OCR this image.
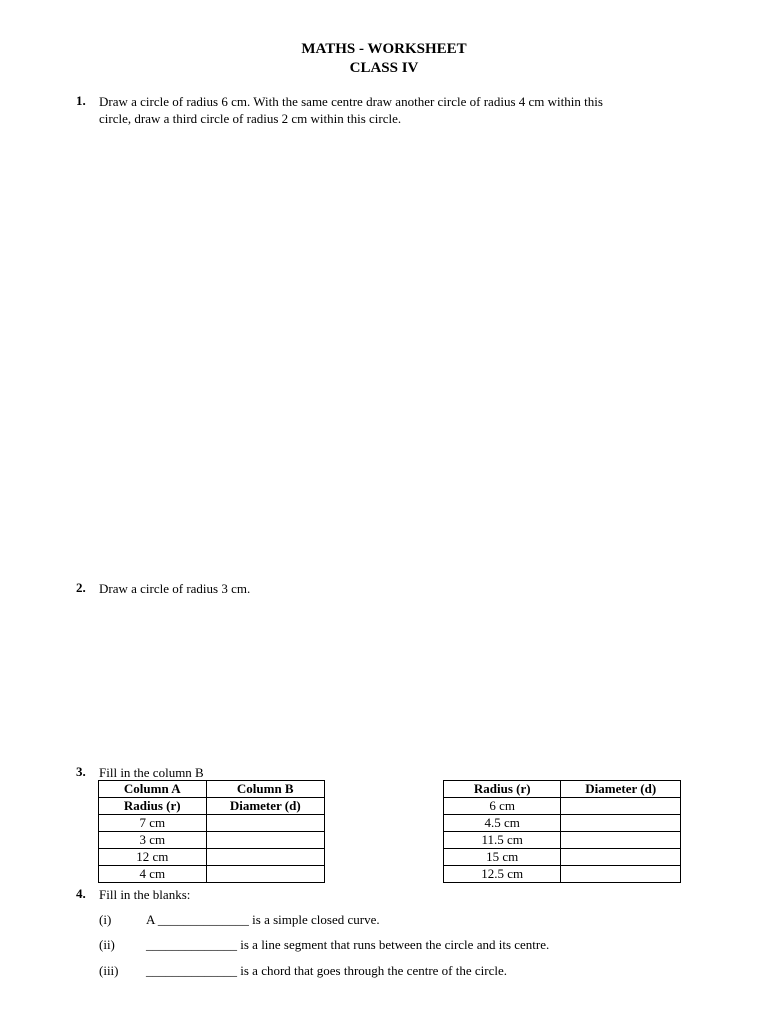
MATHS - WORKSHEET
CLASS IV
1. Draw a circle of radius 6 cm. With the same centre draw another circle of radius 4 cm within this
circle, draw a third circle of radius 2 cm within this circle.
2. Draw a circle of radius 3 cm.
3. Fill in the column B
Column A	Column B
Radius (r)	Diameter (d)
7 cm	
3 cm	
12 cm	
4 cm	
Radius (r)	Diameter (d)
6 cm	
4.5 cm	
11.5 cm	
15 cm	
12.5 cm	
4. Fill in the blanks:
(i)	A ______________ is a simple closed curve.
(ii) ______________ is a line segment that runs between the circle and its centre.
(iii) ______________ is a chord that goes through the centre of the circle.
